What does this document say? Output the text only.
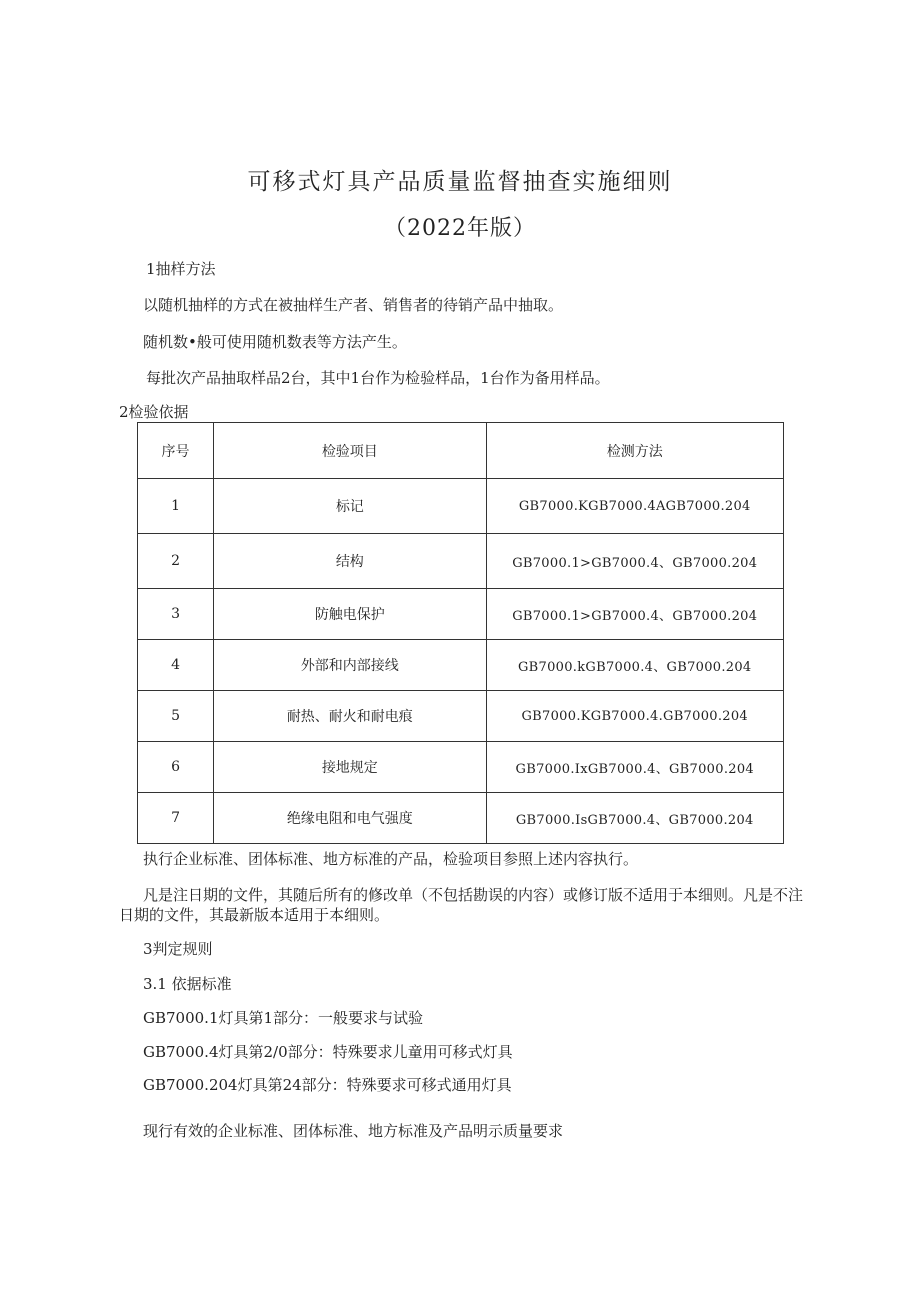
可移式灯具产品质量监督抽查实施细则
（2022年版）
1抽样方法
以随机抽样的方式在被抽样生产者、销售者的待销产品中抽取。
随机数•般可使用随机数表等方法产生。
每批次产品抽取样品2台，其中1台作为检验样品，1台作为备用样品。
2检验依据
序号	检验项目	检测方法
1	标记	GB7000.KGB7000.4AGB7000.204
2	结构	GB7000.1>GB7000.4、GB7000.204
3	防触电保护	GB7000.1>GB7000.4、GB7000.204
4	外部和内部接线	GB7000.kGB7000.4、GB7000.204
5	耐热、耐火和耐电痕	GB7000.KGB7000.4.GB7000.204
6	接地规定	GB7000.IxGB7000.4、GB7000.204
7	绝缘电阻和电气强度	GB7000.IsGB7000.4、GB7000.204
执行企业标准、团体标准、地方标准的产品，检验项目参照上述内容执行。
凡是注日期的文件，其随后所有的修改单（不包括勘误的内容）或修订版不适用于本细则。凡是不注日期的文件，其最新版本适用于本细则。
3判定规则
3.1 依据标准
GB7000.1灯具第1部分：一般要求与试验
GB7000.4灯具第2/0部分：特殊要求儿童用可移式灯具
GB7000.204灯具第24部分：特殊要求可移式通用灯具
现行有效的企业标准、团体标准、地方标准及产品明示质量要求
